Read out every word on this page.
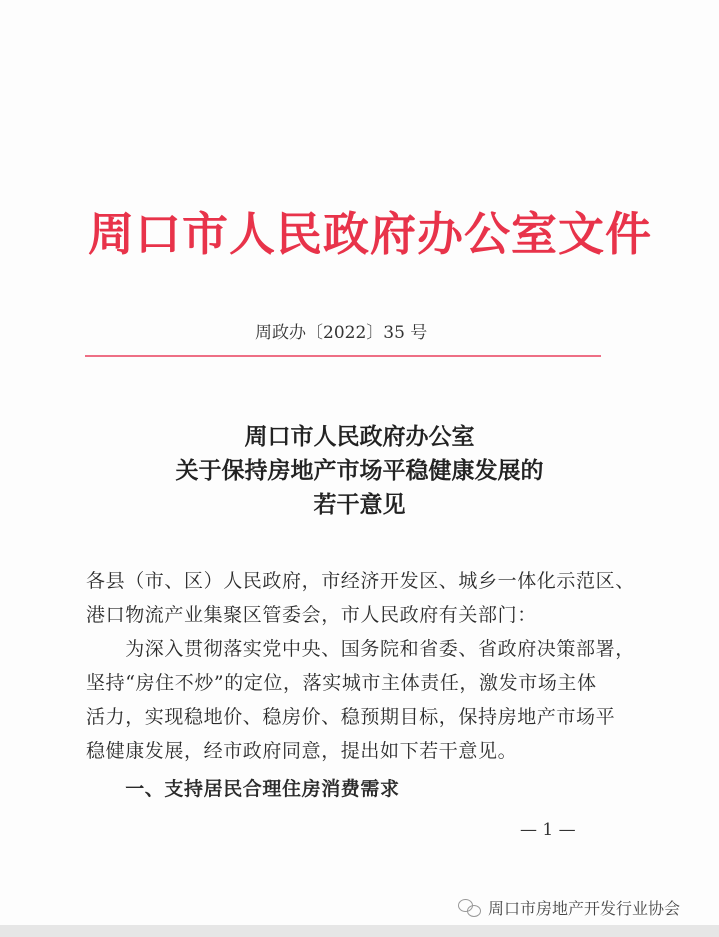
周口市人民政府办公室文件
周政办〔2022〕35 号
周口市人民政府办公室
关于保持房地产市场平稳健康发展的
若干意见
各县（市、区）人民政府，市经济开发区、城乡一体化示范区、
港口物流产业集聚区管委会，市人民政府有关部门：
　　为深入贯彻落实党中央、国务院和省委、省政府决策部署，
坚持“房住不炒”的定位，落实城市主体责任，激发市场主体
活力，实现稳地价、稳房价、稳预期目标，保持房地产市场平
稳健康发展，经市政府同意，提出如下若干意见。
　　一、支持居民合理住房消费需求
— 1 —
周口市房地产开发行业协会
